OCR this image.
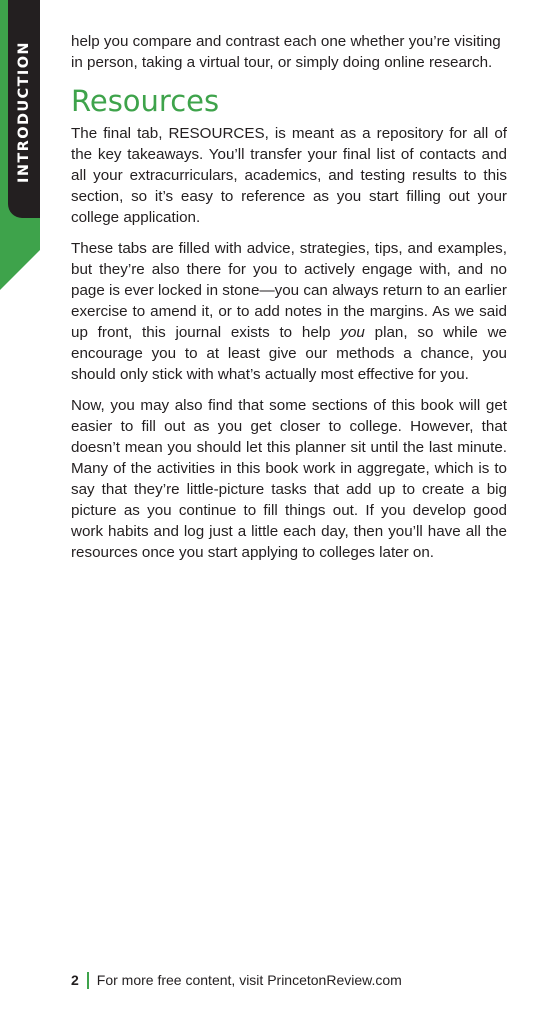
INTRODUCTION	help you compare and contrast each one whether you’re visiting in person, taking a virtual tour, or simply doing online research.

Resources

The final tab, RESOURCES, is meant as a repository for all of the key takeaways. You’ll transfer your final list of contacts and all your extracurriculars, academics, and testing results to this section, so it’s easy to reference as you start filling out your college application.

These tabs are filled with advice, strategies, tips, and examples, but they’re also there for you to actively engage with, and no page is ever locked in stone—you can always return to an earlier exercise to amend it, or to add notes in the margins. As we said up front, this journal exists to help you plan, so while we encourage you to at least give our methods a chance, you should only stick with what’s actually most effective for you.

Now, you may also find that some sections of this book will get easier to fill out as you get closer to college. However, that doesn’t mean you should let this planner sit until the last minute. Many of the activities in this book work in aggregate, which is to say that they’re little-picture tasks that add up to create a big picture as you continue to fill things out. If you develop good work habits and log just a little each day, then you’ll have all the resources once you start applying to colleges later on.

2 For more free content, visit PrincetonReview.com
